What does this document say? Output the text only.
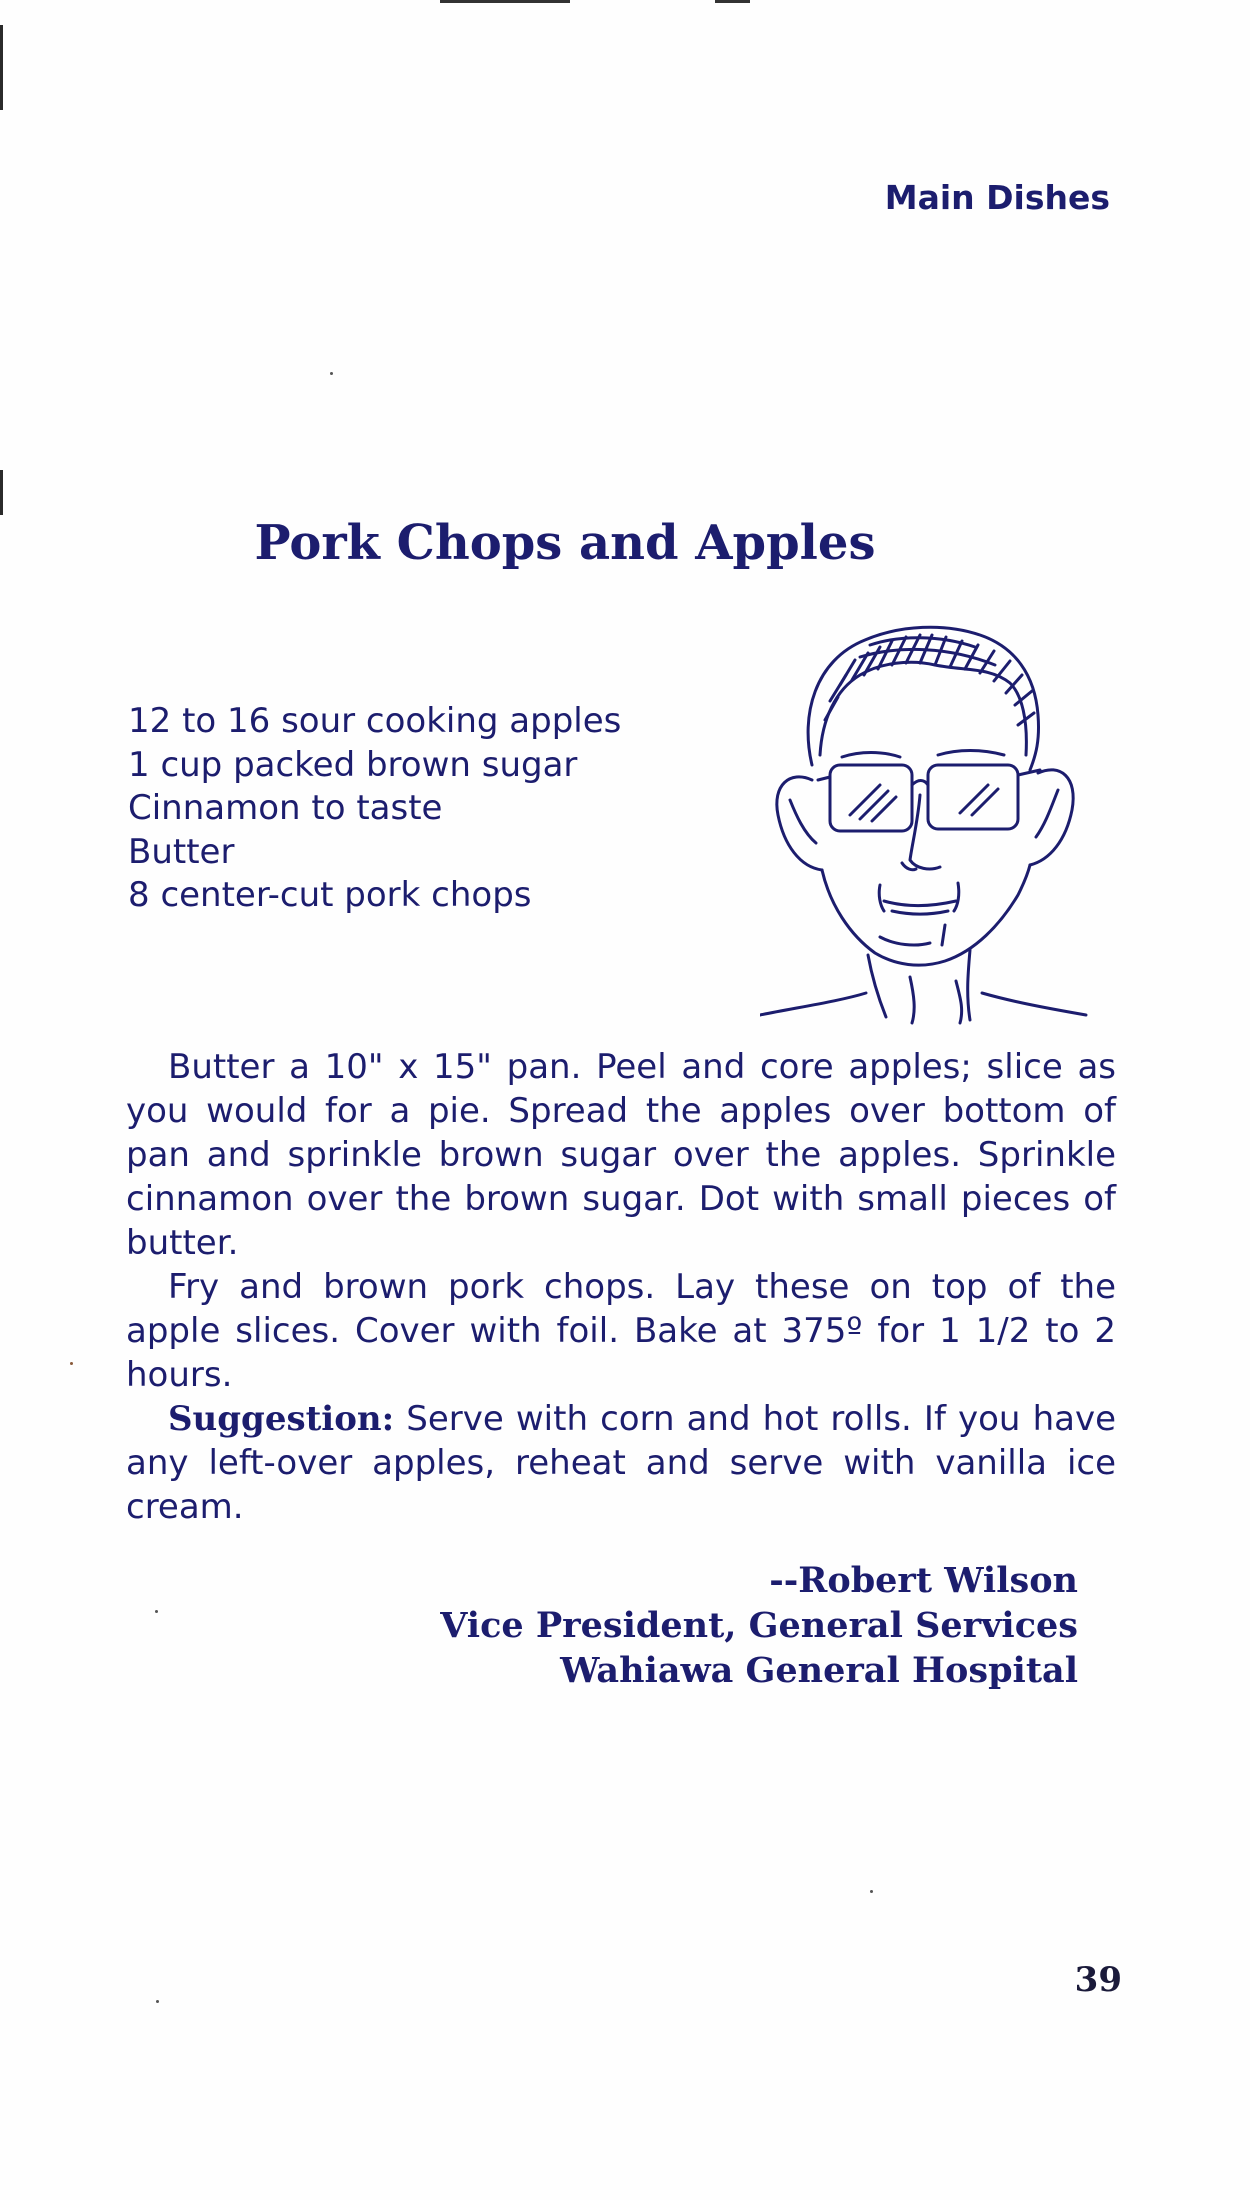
Main Dishes
Pork Chops and Apples
12 to 16 sour cooking apples
1 cup packed brown sugar
Cinnamon to taste
Butter
8 center-cut pork chops

Butter a 10" x 15" pan. Peel and core apples; slice as you would for a pie. Spread the apples over bottom of pan and sprinkle brown sugar over the apples. Sprinkle cinnamon over the brown sugar. Dot with small pieces of butter.

Fry and brown pork chops. Lay these on top of the apple slices. Cover with foil. Bake at 375º for 1 1/2 to 2 hours.

Suggestion: Serve with corn and hot rolls. If you have any left-over apples, reheat and serve with vanilla ice cream.

--Robert Wilson
Vice President, General Services
Wahiawa General Hospital
39
